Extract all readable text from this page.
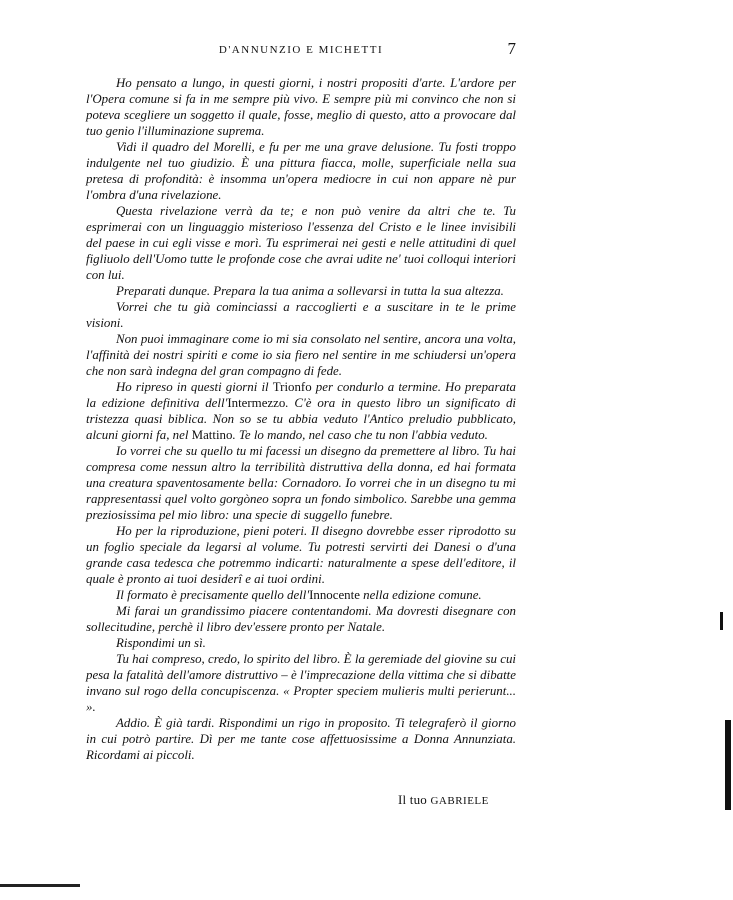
D'ANNUNZIO E MICHETTI	7

Ho pensato a lungo, in questi giorni, i nostri propositi d'arte. L'ardore per l'Opera comune si fa in me sempre più vivo. E sempre più mi convinco che non si poteva scegliere un soggetto il quale, fosse, meglio di questo, atto a provocare dal tuo genio l'illuminazione suprema.

Vidi il quadro del Morelli, e fu per me una grave delusione. Tu fosti troppo indulgente nel tuo giudizio. È una pittura fiacca, molle, superficiale nella sua pretesa di profondità: è insomma un'opera mediocre in cui non appare nè pur l'ombra d'una rivelazione.

Questa rivelazione verrà da te; e non può venire da altri che te. Tu esprimerai con un linguaggio misterioso l'essenza del Cristo e le linee invisibili del paese in cui egli visse e morì. Tu esprimerai nei gesti e nelle attitudini di quel figliuolo dell'Uomo tutte le profonde cose che avrai udite ne' tuoi colloqui interiori con lui.

Preparati dunque. Prepara la tua anima a sollevarsi in tutta la sua altezza.

Vorrei che tu già cominciassi a raccoglierti e a suscitare in te le prime visioni.

Non puoi immaginare come io mi sia consolato nel sentire, ancora una volta, l'affinità dei nostri spiriti e come io sia fiero nel sentire in me schiudersi un'opera che non sarà indegna del gran compagno di fede.

Ho ripreso in questi giorni il Trionfo per condurlo a termine. Ho preparata la edizione definitiva dell'Intermezzo. C'è ora in questo libro un significato di tristezza quasi biblica. Non so se tu abbia veduto l'Antico preludio pubblicato, alcuni giorni fa, nel Mattino. Te lo mando, nel caso che tu non l'abbia veduto.

Io vorrei che su quello tu mi facessi un disegno da premettere al libro. Tu hai compresa come nessun altro la terribilità distruttiva della donna, ed hai formata una creatura spaventosamente bella: Cornadoro. Io vorrei che in un disegno tu mi rappresentassi quel volto gorgòneo sopra un fondo simbolico. Sarebbe una gemma preziosissima pel mio libro: una specie di suggello funebre.

Ho per la riproduzione, pieni poteri. Il disegno dovrebbe esser riprodotto su un foglio speciale da legarsi al volume. Tu potresti servirti dei Danesi o d'una grande casa tedesca che potremmo indicarti: naturalmente a spese dell'editore, il quale è pronto ai tuoi desiderî e ai tuoi ordini.

Il formato è precisamente quello dell'Innocente nella edizione comune.

Mi farai un grandissimo piacere contentandomi. Ma dovresti disegnare con sollecitudine, perchè il libro dev'essere pronto per Natale.

Rispondimi un sì.

Tu hai compreso, credo, lo spirito del libro. È la geremiade del giovine su cui pesa la fatalità dell'amore distruttivo – è l'imprecazione della vittima che si dibatte invano sul rogo della concupiscenza. « Propter speciem mulieris multi perierunt... ».

Addio. È già tardi. Rispondimi un rigo in proposito. Ti telegraferò il giorno in cui potrò partire. Dì per me tante cose affettuosissime a Donna Annunziata. Ricordami ai piccoli.

Il tuo GABRIELE
